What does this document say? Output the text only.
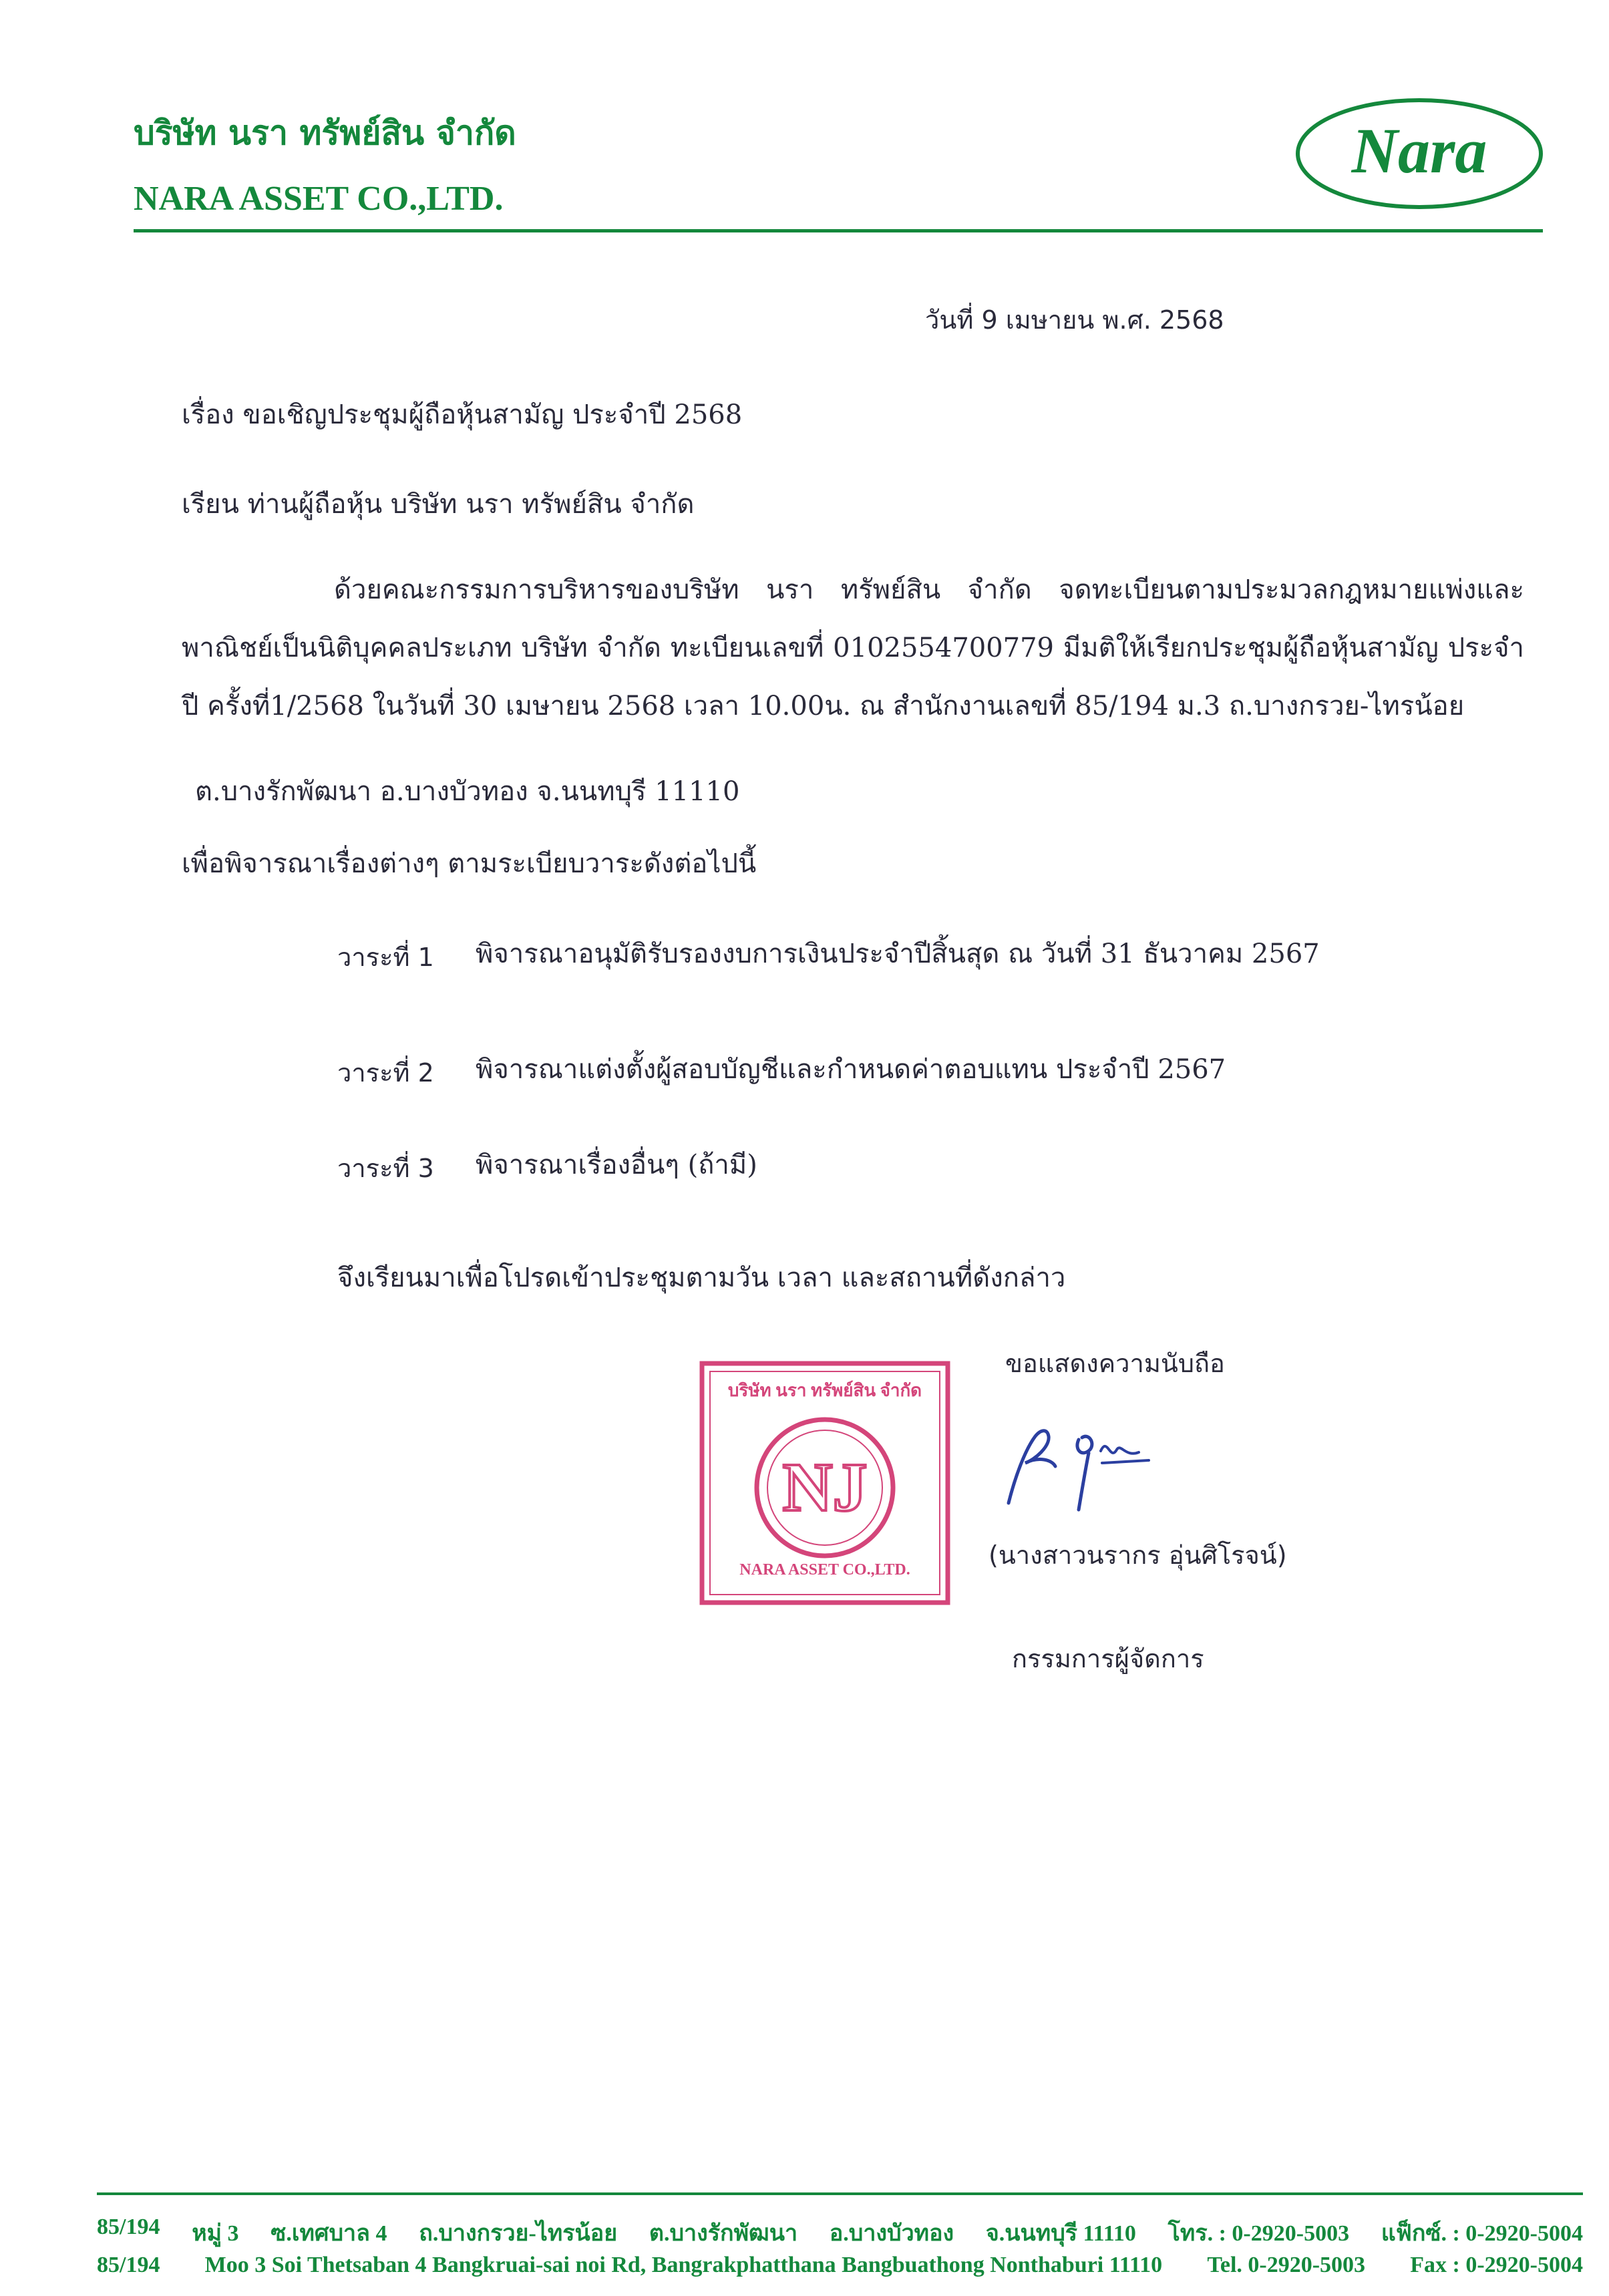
บริษัท นรา ทรัพย์สิน จำกัด
NARA ASSET CO.,LTD.
Nara
วันที่ 9 เมษายน พ.ศ. 2568
เรื่อง ขอเชิญประชุมผู้ถือหุ้นสามัญ ประจำปี 2568
เรียน ท่านผู้ถือหุ้น บริษัท นรา ทรัพย์สิน จำกัด
ด้วยคณะกรรมการบริหารของบริษัท นรา ทรัพย์สิน จำกัด จดทะเบียนตามประมวลกฎหมายแพ่งและพาณิชย์เป็นนิติบุคคลประเภท บริษัท จำกัด ทะเบียนเลขที่ 0102554700779 มีมติให้เรียกประชุมผู้ถือหุ้นสามัญ ประจำปี ครั้งที่1/2568 ในวันที่ 30 เมษายน 2568 เวลา 10.00น. ณ สำนักงานเลขที่ 85/194 ม.3 ถ.บางกรวย-ไทรน้อย
ต.บางรักพัฒนา อ.บางบัวทอง จ.นนทบุรี 11110
เพื่อพิจารณาเรื่องต่างๆ ตามระเบียบวาระดังต่อไปนี้
วาระที่ 1 พิจารณาอนุมัติรับรองงบการเงินประจำปีสิ้นสุด ณ วันที่ 31 ธันวาคม 2567
วาระที่ 2 พิจารณาแต่งตั้งผู้สอบบัญชีและกำหนดค่าตอบแทน ประจำปี 2567
วาระที่ 3 พิจารณาเรื่องอื่นๆ (ถ้ามี)
จึงเรียนมาเพื่อโปรดเข้าประชุมตามวัน เวลา และสถานที่ดังกล่าว
NJ
บริษัท นรา ทรัพย์สิน จำกัด
NARA ASSET CO.,LTD.
ขอแสดงความนับถือ
(นางสาวนรากร อุ่นศิโรจน์)
กรรมการผู้จัดการ
85/194 หมู่ 3 ซ.เทศบาล 4 ถ.บางกรวย-ไทรน้อย ต.บางรักพัฒนา อ.บางบัวทอง จ.นนทบุรี 11110 โทร. : 0-2920-5003 แฟ็กซ์. : 0-2920-5004
85/194 Moo 3 Soi Thetsaban 4 Bangkruai-sai noi Rd, Bangrakphatthana Bangbuathong Nonthaburi 11110 Tel. 0-2920-5003 Fax : 0-2920-5004
